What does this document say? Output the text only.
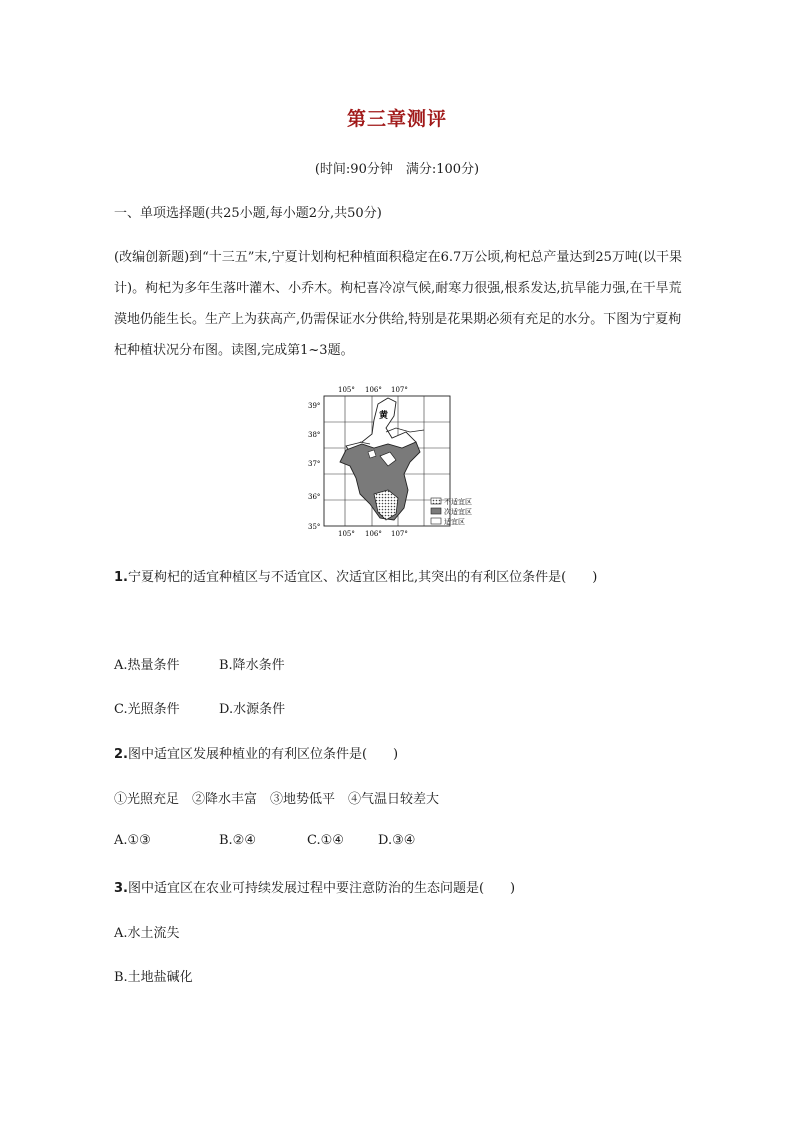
第三章测评
(时间:90分钟　满分:100分)
一、单项选择题(共25小题,每小题2分,共50分)
(改编创新题)到“十三五”末,宁夏计划枸杞种植面积稳定在6.7万公顷,枸杞总产量达到25万吨(以干果计)。枸杞为多年生落叶灌木、小乔木。枸杞喜冷凉气候,耐寒力很强,根系发达,抗旱能力强,在干旱荒漠地仍能生长。生产上为获高产,仍需保证水分供给,特别是花果期必须有充足的水分。下图为宁夏枸杞种植状况分布图。读图,完成第1~3题。
黄
105° 106° 107°
105° 106° 107°
39°
38°
37°
36°
35°
不适宜区
次适宜区
适宜区
1.宁夏枸杞的适宜种植区与不适宜区、次适宜区相比,其突出的有利区位条件是(　　)
A.热量条件	B.降水条件
C.光照条件	D.水源条件
2.图中适宜区发展种植业的有利区位条件是(　　)
①光照充足　②降水丰富　③地势低平　④气温日较差大
A.①③	B.②④	C.①④	D.③④
3.图中适宜区在农业可持续发展过程中要注意防治的生态问题是(　　)
A.水土流失
B.土地盐碱化
